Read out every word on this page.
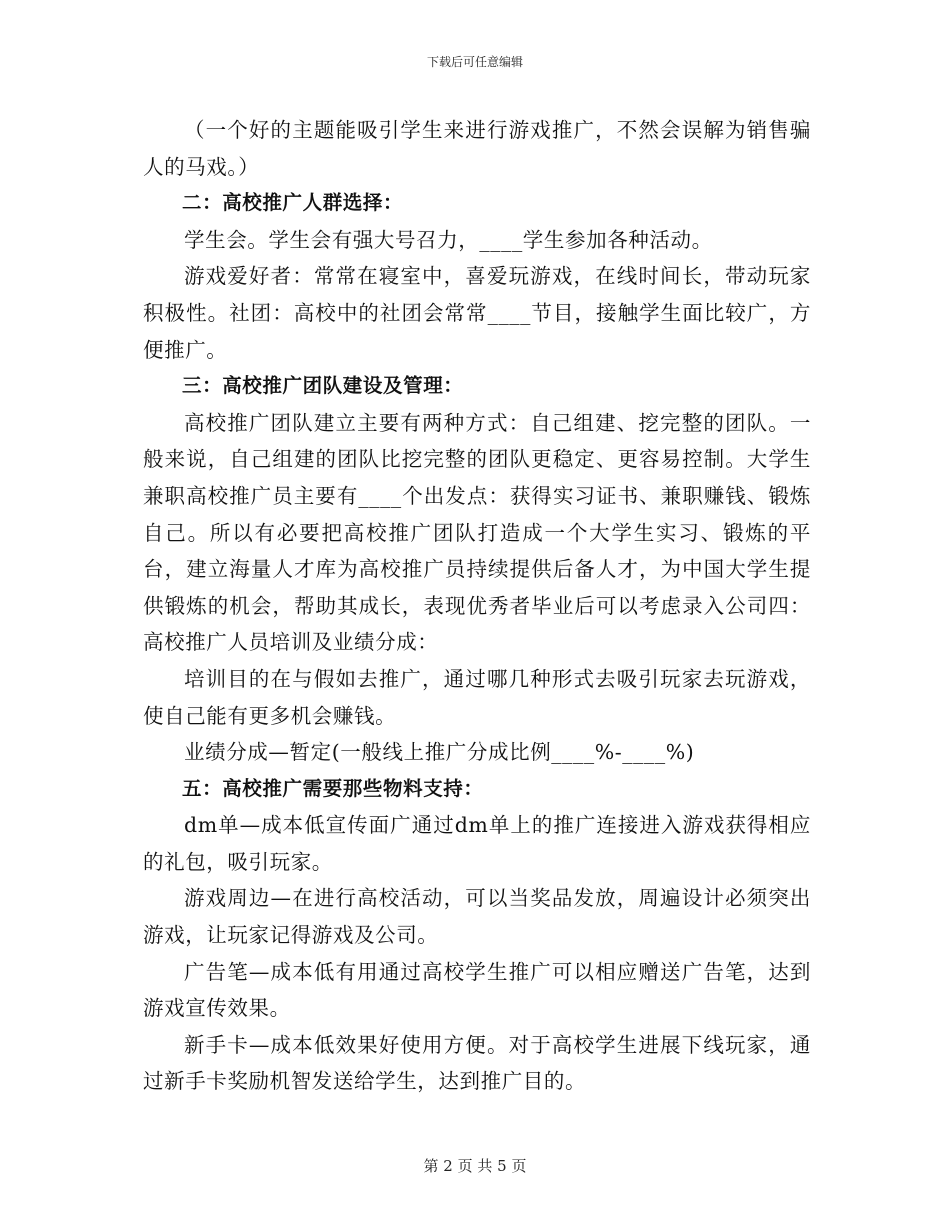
下载后可任意编辑

（一个好的主题能吸引学生来进行游戏推广，不然会误解为销售骗人的马戏。）

二：高校推广人群选择：

学生会。学生会有强大号召力，____学生参加各种活动。

游戏爱好者：常常在寝室中，喜爱玩游戏，在线时间长，带动玩家积极性。社团：高校中的社团会常常____节目，接触学生面比较广，方便推广。

三：高校推广团队建设及管理：

高校推广团队建立主要有两种方式：自己组建、挖完整的团队。一般来说，自己组建的团队比挖完整的团队更稳定、更容易控制。大学生兼职高校推广员主要有____个出发点：获得实习证书、兼职赚钱、锻炼自己。所以有必要把高校推广团队打造成一个大学生实习、锻炼的平台，建立海量人才库为高校推广员持续提供后备人才，为中国大学生提供锻炼的机会，帮助其成长，表现优秀者毕业后可以考虑录入公司四：高校推广人员培训及业绩分成：

培训目的在与假如去推广，通过哪几种形式去吸引玩家去玩游戏，使自己能有更多机会赚钱。

业绩分成—暂定(一般线上推广分成比例____%-____%)

五：高校推广需要那些物料支持：

dm单—成本低宣传面广通过dm单上的推广连接进入游戏获得相应的礼包，吸引玩家。

游戏周边—在进行高校活动，可以当奖品发放，周遍设计必须突出游戏，让玩家记得游戏及公司。

广告笔—成本低有用通过高校学生推广可以相应赠送广告笔，达到游戏宣传效果。

新手卡—成本低效果好使用方便。对于高校学生进展下线玩家，通过新手卡奖励机智发送给学生，达到推广目的。

第 2 页 共 5 页
